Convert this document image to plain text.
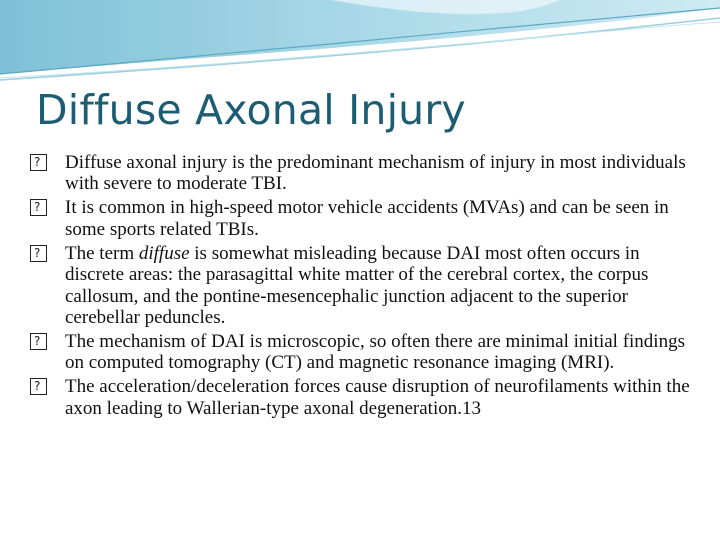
Diffuse Axonal Injury
?
Diffuse axonal injury is the predominant mechanism of injury in most individuals with severe to moderate TBI.
?
It is common in high-speed motor vehicle accidents (MVAs) and can be seen in some sports related TBIs.
?
The term diffuse is somewhat misleading because DAI most often occurs in discrete areas: the parasagittal white matter of the cerebral cortex, the corpus callosum, and the pontine-mesencephalic junction adjacent to the superior cerebellar peduncles.
?
The mechanism of DAI is microscopic, so often there are minimal initial findings on computed tomography (CT) and magnetic resonance imaging (MRI).
?
The acceleration/deceleration forces cause disruption of neurofilaments within the axon leading to Wallerian-type axonal degeneration.13
